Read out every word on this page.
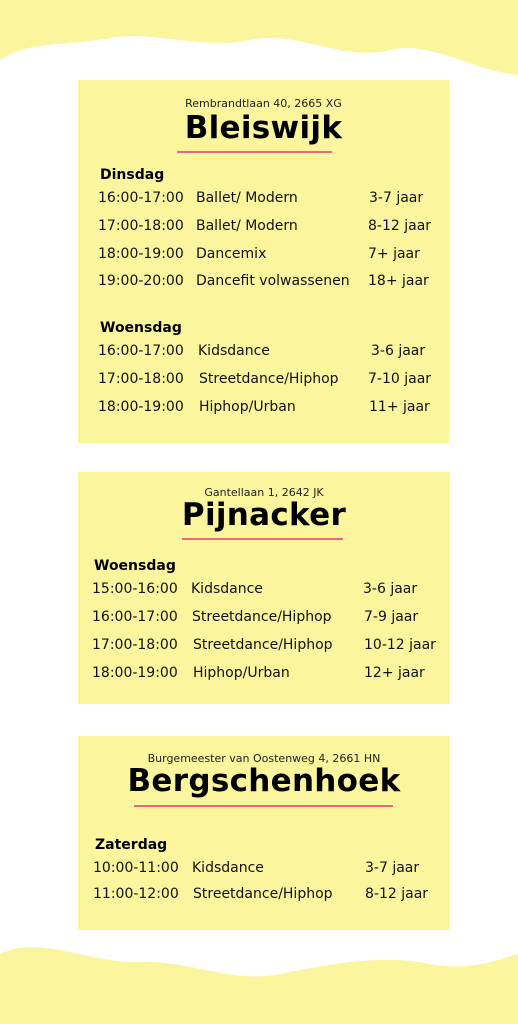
Rembrandtlaan 40, 2665 XG
Bleiswijk
Dinsdag
16:00-17:00 Ballet/ Modern	3-7 jaar
17:00-18:00 Ballet/ Modern	8-12 jaar
18:00-19:00 Dancemix	7+ jaar
19:00-20:00 Dancefit volwassenen 18+ jaar
Woensdag
16:00-17:00 Kidsdance	3-6 jaar
17:00-18:00 Streetdance/Hiphop 7-10 jaar
18:00-19:00 Hiphop/Urban	11+ jaar
Gantellaan 1, 2642 JK
Pijnacker
Woensdag
15:00-16:00 Kidsdance	3-6 jaar
16:00-17:00 Streetdance/Hiphop 7-9 jaar
17:00-18:00 Streetdance/Hiphop 10-12 jaar
18:00-19:00 Hiphop/Urban	12+ jaar
Burgemeester van Oostenweg 4, 2661 HN
Bergschenhoek
Zaterdag
10:00-11:00 Kidsdance	3-7 jaar
11:00-12:00 Streetdance/Hiphop 8-12 jaar
